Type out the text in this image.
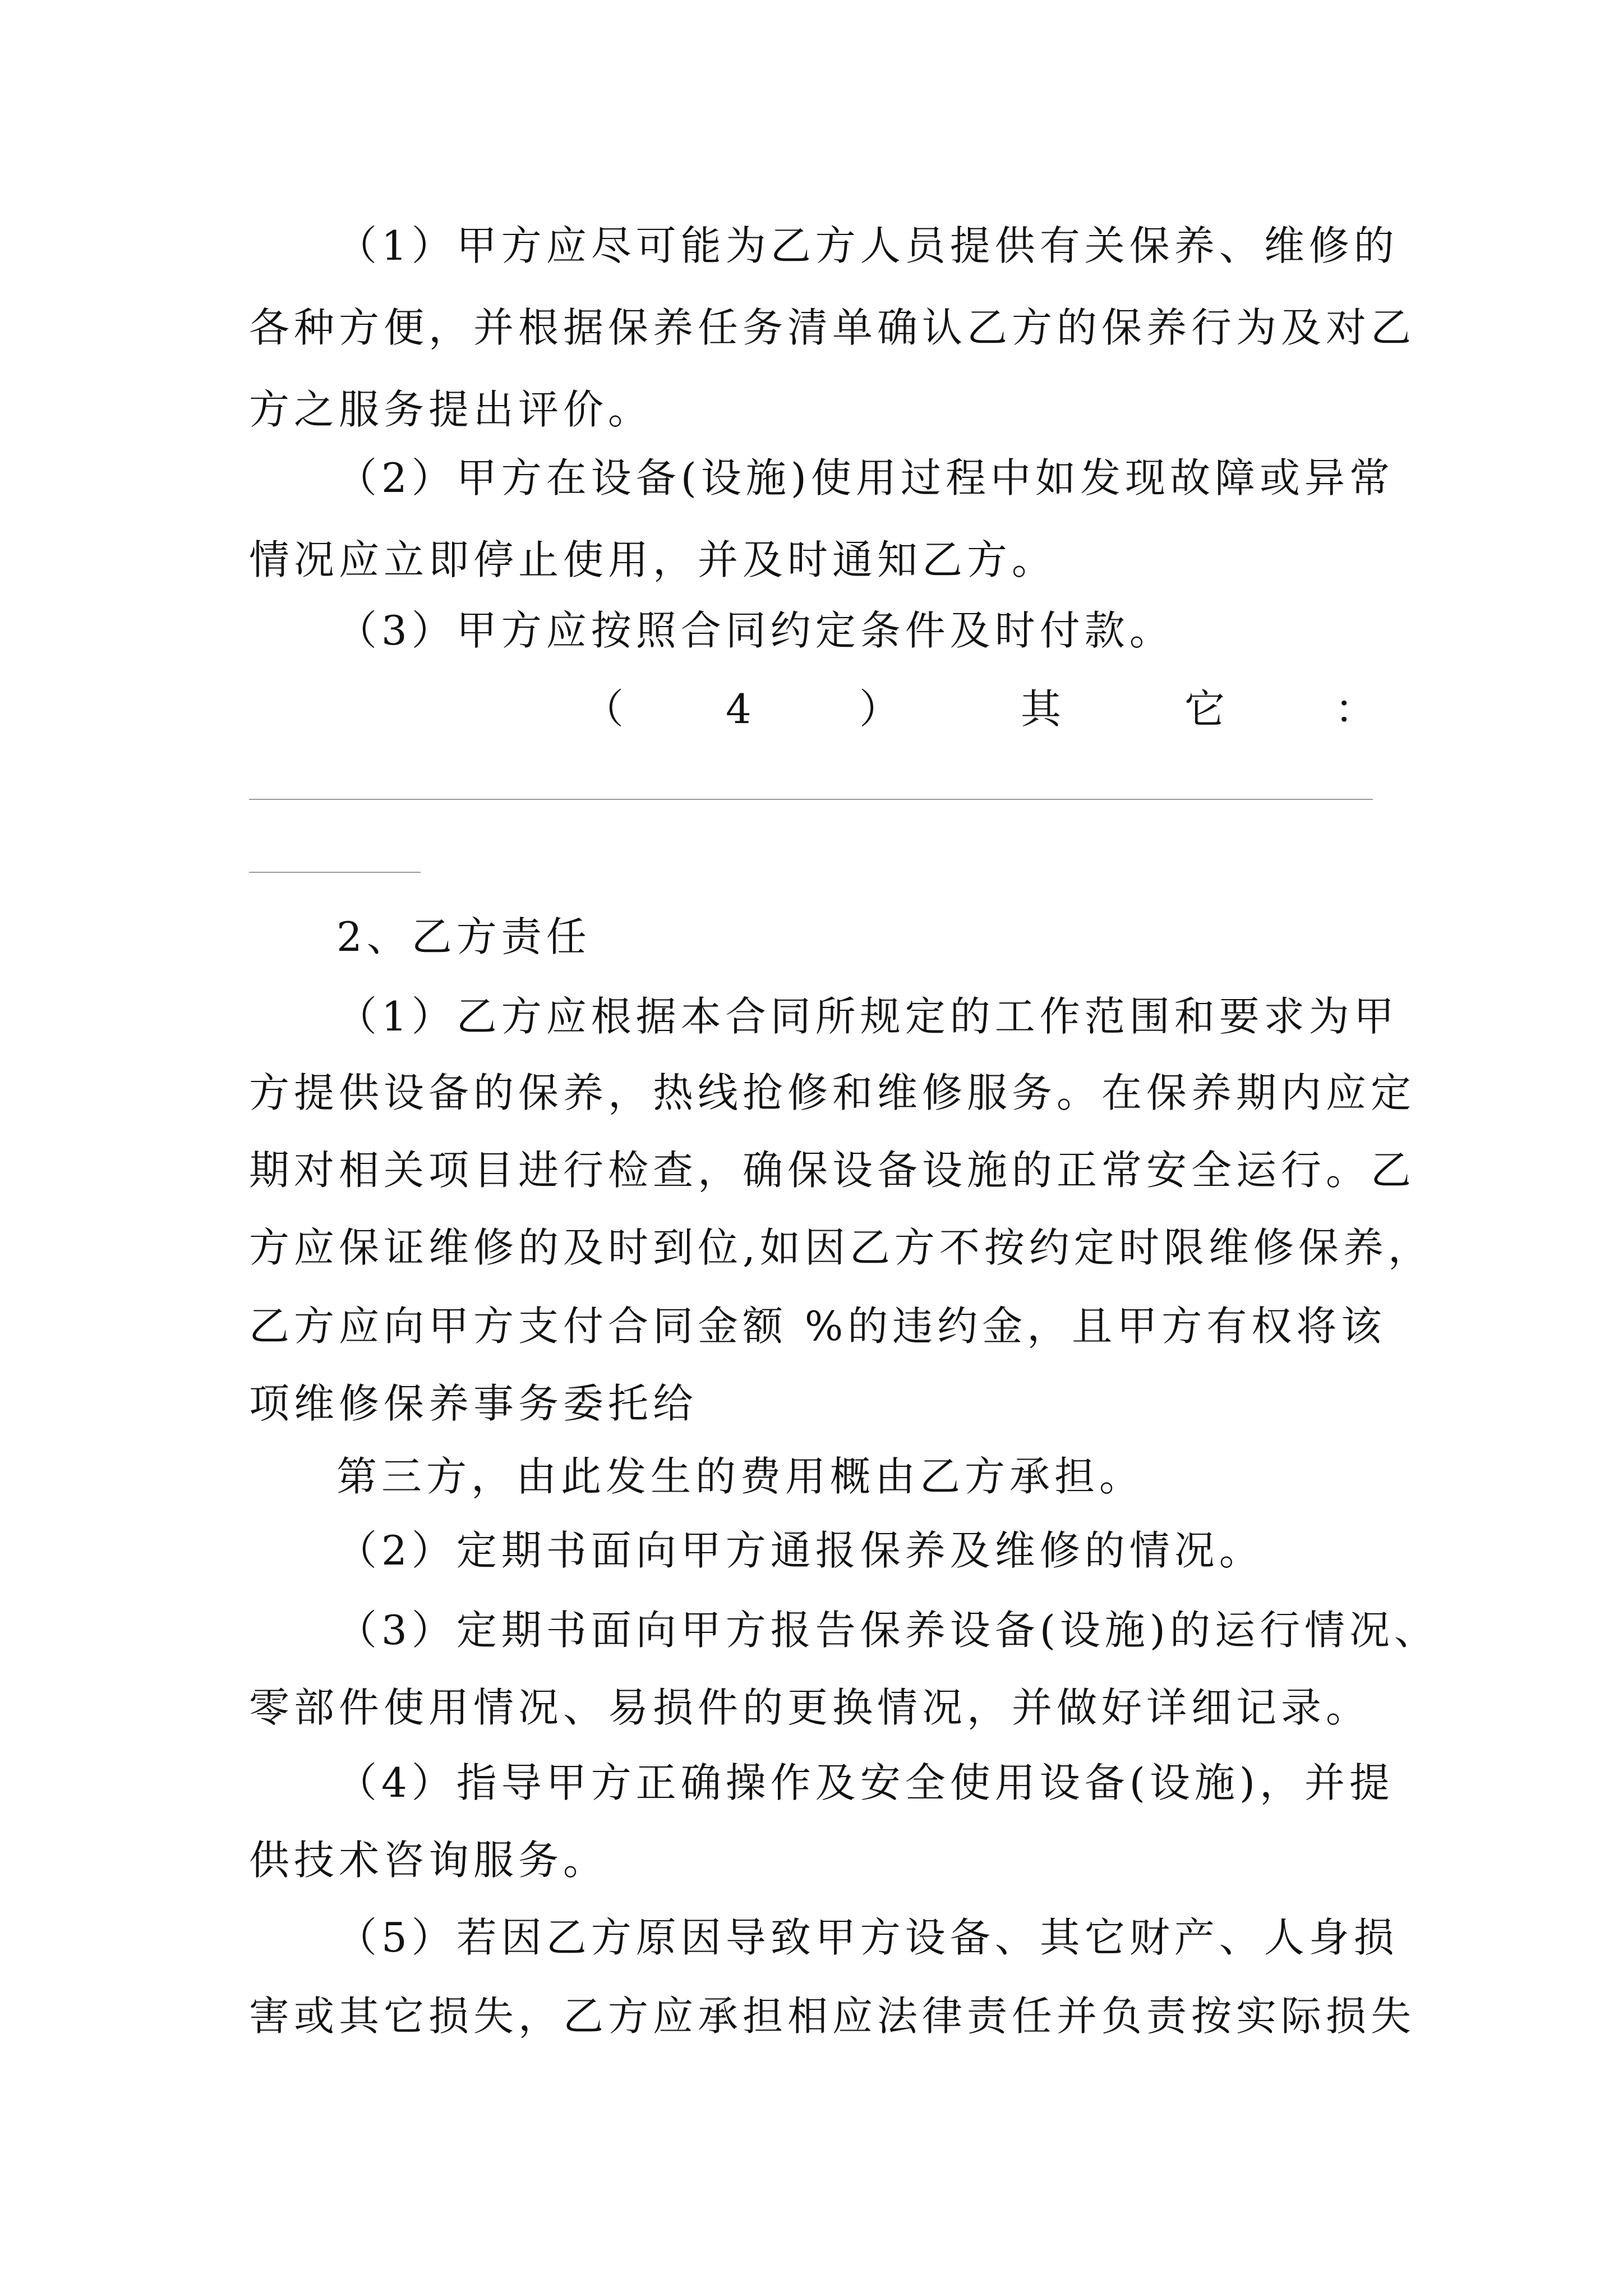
（1）甲方应尽可能为乙方人员提供有关保养、维修的
各种方便，并根据保养任务清单确认乙方的保养行为及对乙
方之服务提出评价。
（2）甲方在设备(设施)使用过程中如发现故障或异常
情况应立即停止使用，并及时通知乙方。
（3）甲方应按照合同约定条件及时付款。
（	4	）	其	它	：
2、乙方责任
（1）乙方应根据本合同所规定的工作范围和要求为甲
方提供设备的保养，热线抢修和维修服务。在保养期内应定
期对相关项目进行检查，确保设备设施的正常安全运行。乙
方应保证维修的及时到位,如因乙方不按约定时限维修保养，
乙方应向甲方支付合同金额 %的违约金，且甲方有权将该
项维修保养事务委托给
第三方，由此发生的费用概由乙方承担。
（2）定期书面向甲方通报保养及维修的情况。
（3）定期书面向甲方报告保养设备(设施)的运行情况、
零部件使用情况、易损件的更换情况，并做好详细记录。
（4）指导甲方正确操作及安全使用设备(设施)，并提
供技术咨询服务。
（5）若因乙方原因导致甲方设备、其它财产、人身损
害或其它损失，乙方应承担相应法律责任并负责按实际损失
